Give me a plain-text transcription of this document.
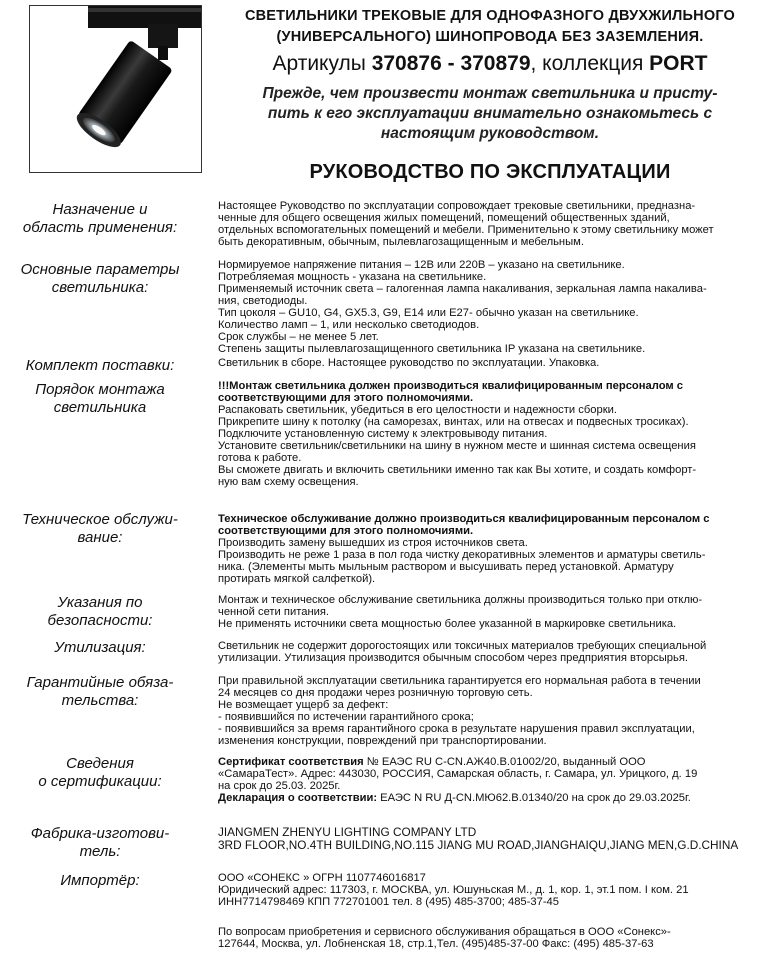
СВЕТИЛЬНИКИ ТРЕКОВЫЕ ДЛЯ ОДНОФАЗНОГО ДВУХЖИЛЬНОГО
(УНИВЕРСАЛЬНОГО) ШИНОПРОВОДА БЕЗ ЗАЗЕМЛЕНИЯ.
Артикулы 370876 - 370879, коллекция PORT
Прежде, чем произвести монтаж светильника и присту-
пить к его эксплуатации внимательно ознакомьтесь с
настоящим руководством.
РУКОВОДСТВО ПО ЭКСПЛУАТАЦИИ
Назначение и
область применения:
Настоящее Руководство по эксплуатации сопровождает трековые светильники, предназна-
ченные для общего освещения жилых помещений, помещений общественных зданий,
отдельных вспомогательных помещений и мебели. Применительно к этому светильнику может
быть декоративным, обычным, пылевлагозащищенным и мебельным.
Основные параметры
светильника:
Нормируемое напряжение питания – 12В или 220В – указано на светильнике.
Потребляемая мощность - указана на светильнике.
Применяемый источник света – галогенная лампа накаливания, зеркальная лампа накалива-
ния, светодиоды.
Тип цоколя – GU10, G4, GX5.3, G9, E14 или E27- обычно указан на светильнике.
Количество ламп – 1, или несколько светодиодов.
Срок службы – не менее 5 лет.
Степень защиты пылевлагозащищенного светильника IP указана на светильнике.
Комплект поставки:	Светильник в сборе. Настоящее руководство по эксплуатации. Упаковка.
Порядок монтажа
светильника
!!!Монтаж светильника должен производиться квалифицированным персоналом с
соответствующими для этого полномочиями.
Распаковать светильник, убедиться в его целостности и надежности сборки.
Прикрепите шину к потолку (на саморезах, винтах, или на отвесах и подвесных тросиках).
Подключите установленную систему к электровыводу питания.
Установите светильник/светильники на шину в нужном месте и шинная система освещения
готова к работе.
Вы сможете двигать и включить светильники именно так как Вы хотите, и создать комфорт-
ную вам схему освещения.
Техническое обслужи-
вание:
Техническое обслуживание должно производиться квалифицированным персоналом с
соответствующими для этого полномочиями.
Производить замену вышедших из строя источников света.
Производить не реже 1 раза в пол года чистку декоративных элементов и арматуры светиль-
ника. (Элементы мыть мыльным раствором и высушивать перед установкой. Арматуру
протирать мягкой салфеткой).
Указания по
безопасности:
Монтаж и техническое обслуживание светильника должны производиться только при отклю-
ченной сети питания.
Не применять источники света мощностью более указанной в маркировке светильника.
Утилизация:	Светильник не содержит дорогостоящих или токсичных материалов требующих специальной
утилизации. Утилизация производится обычным способом через предприятия вторсырья.
Гарантийные обяза-
тельства:
При правильной эксплуатации светильника гарантируется его нормальная работа в течении
24 месяцев со дня продажи через розничную торговую сеть.
Не возмещает ущерб за дефект:
- появившийся по истечении гарантийного срока;
- появившийся за время гарантийного срока в результате нарушения правил эксплуатации,
изменения конструкции, повреждений при транспортировании.
Сведения
о сертификации:
Сертификат соответствия № ЕАЭС RU C-CN.АЖ40.В.01002/20, выданный ООО
«СамараТест». Адрес: 443030, РОССИЯ, Самарская область, г. Самара, ул. Урицкого, д. 19
на срок до 25.03. 2025г.
Декларация о соответствии: ЕАЭС N RU Д-CN.МЮ62.В.01340/20 на срок до 29.03.2025г.
Фабрика-изготови-
тель:
JIANGMEN ZHENYU LIGHTING COMPANY LTD
3RD FLOOR,NO.4TH BUILDING,NO.115 JIANG MU ROAD,JIANGHAIQU,JIANG MEN,G.D.CHINA
Импортёр:	ООО «СОНЕКС » ОГРН 1107746016817
Юридический адрес: 117303, г. МОСКВА, ул. Юшуньская М., д. 1, кор. 1, эт.1 пом. I ком. 21
ИНН7714798469 КПП 772701001 тел. 8 (495) 485-3700; 485-37-45
По вопросам приобретения и сервисного обслуживания обращаться в ООО «Сонекс»-
127644, Москва, ул. Лобненская 18, стр.1,Тел. (495)485-37-00 Факс: (495) 485-37-63
